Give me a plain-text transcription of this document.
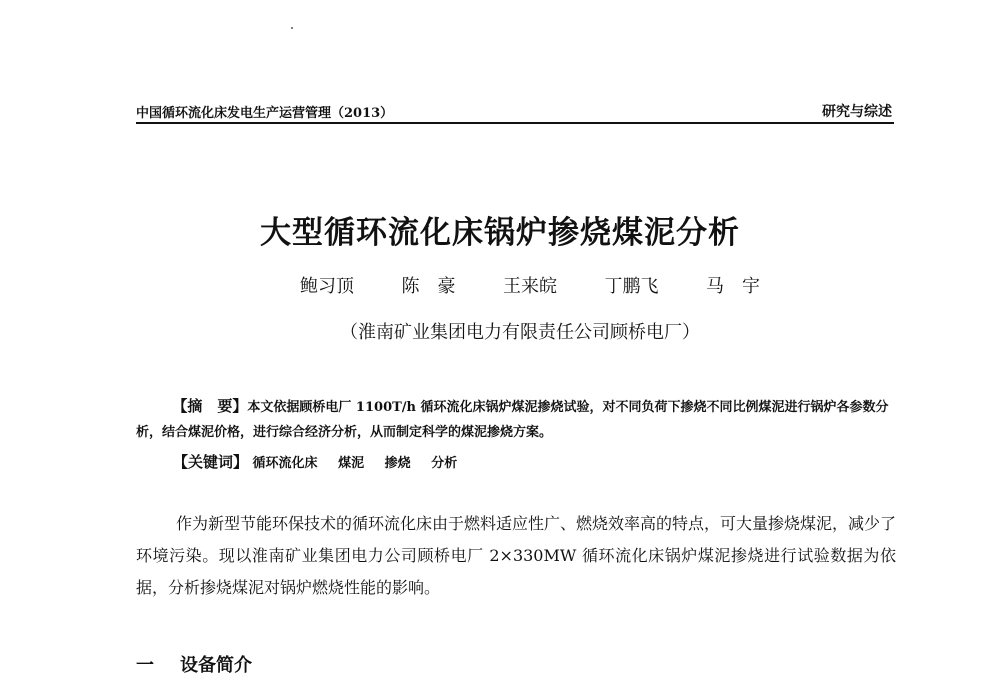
中国循环流化床发电生产运营管理（2013）	研究与综述
大型循环流化床锅炉掺烧煤泥分析
鲍习顶	陈　豪	王来皖	丁鹏飞	马　宇
（淮南矿业集团电力有限责任公司顾桥电厂）

【摘　要】本文依据顾桥电厂 1100T/h 循环流化床锅炉煤泥掺烧试验，对不同负荷下掺烧不同比例煤泥进行锅炉各参数分析，结合煤泥价格，进行综合经济分析，从而制定科学的煤泥掺烧方案。

【关键词】 循环流化床 煤泥 掺烧 分析

作为新型节能环保技术的循环流化床由于燃料适应性广、燃烧效率高的特点，可大量掺烧煤泥，减少了环境污染。现以淮南矿业集团电力公司顾桥电厂 2×330MW 循环流化床锅炉煤泥掺烧进行试验数据为依据，分析掺烧煤泥对锅炉燃烧性能的影响。

一 设备简介
